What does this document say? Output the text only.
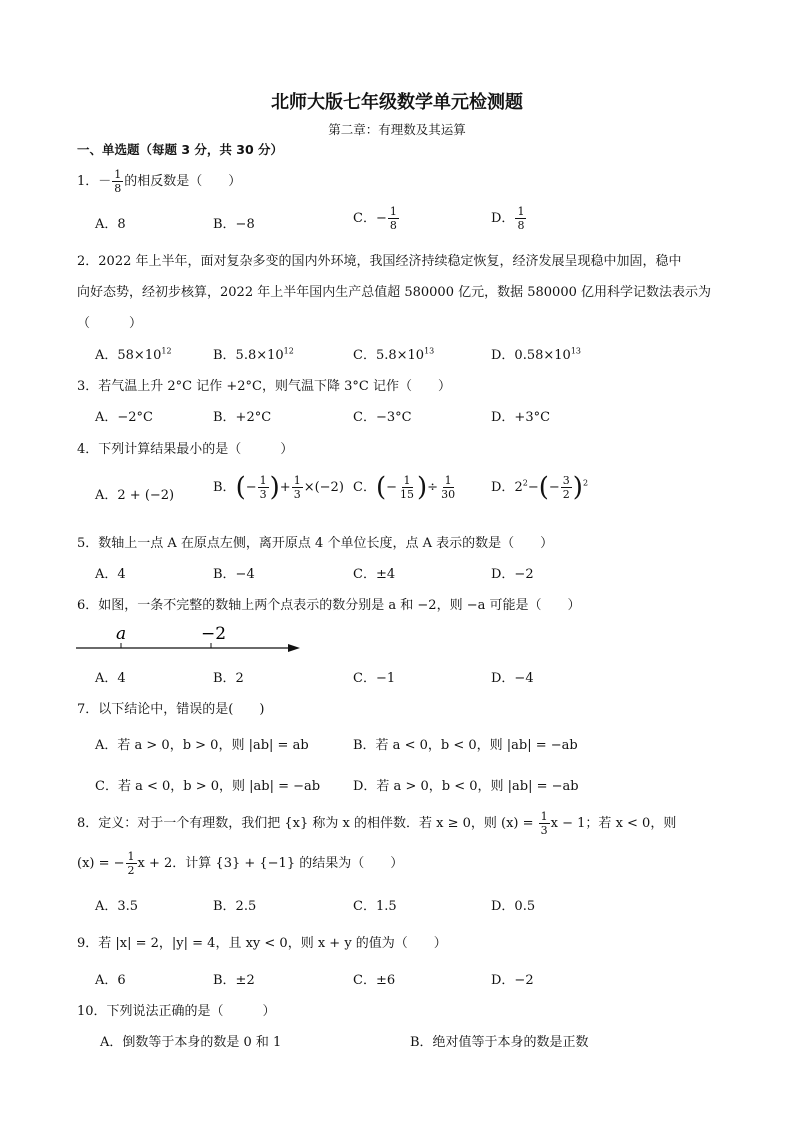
北师大版七年级数学单元检测题
第二章：有理数及其运算
一、单选题（每题 3 分，共 30 分）
1．－ $\frac{1}{8}$ 的相反数是（　　）
A．8	B．−8	C．− $\frac{1}{8}$	D． $\frac{1}{8}$
2．2022 年上半年，面对复杂多变的国内外环境，我国经济持续稳定恢复，经济发展呈现稳中加固，稳中
向好态势，经初步核算，2022 年上半年国内生产总值超 580000 亿元，数据 580000 亿用科学记数法表示为
（　　　）
A．$58\times 10^{12}$	B．$5.8\times 10^{12}$	C．$5.8\times 10^{13}$	D．$0.58\times 10^{13}$
3．若气温上升 2°C 记作 +2°C，则气温下降 3°C 记作（　　）
A．−2°C	B．+2°C	C．−3°C	D．+3°C
4．下列计算结果最小的是（　　　）
A．2 + (−2)
B．(− $\frac{1}{3}$ )+ $\frac{1}{3} \times(-2)$ C．(− $\frac{1}{15}$ )÷ $\frac{1}{30}$	D．$2^2-(- \frac{3}{2} )^2$
5．数轴上一点 A 在原点左侧，离开原点 4 个单位长度，点 A 表示的数是（　　）
A．4	B．−4	C．±4	D．−2
6．如图，一条不完整的数轴上两个点表示的数分别是 a 和 −2，则 −a 可能是（　　）
a	−2
A．4	B．2	C．−1	D．−4
7．以下结论中，错误的是(　　)
A．若 a > 0，b > 0，则 |ab| = ab	B．若 a < 0，b < 0，则 |ab| = −ab
C．若 a < 0，b > 0，则 |ab| = −ab	D．若 a > 0，b < 0，则 |ab| = −ab
8．定义：对于一个有理数，我们把 {x} 称为 x 的相伴数．若 x ≥ 0，则 $(x) = \frac{1}{3}$ x − 1；若 x < 0，则
(x) = − $\frac{1}{2}$ x + 2．计算 {3} + {−1} 的结果为（　　）
A．3.5	B．2.5	C．1.5	D．0.5
9．若 |x| = 2，|y| = 4，且 xy < 0，则 x + y 的值为（　　）
A．6	B．±2	C．±6	D．−2
10．下列说法正确的是（　　　）
A．倒数等于本身的数是 0 和 1	B．绝对值等于本身的数是正数
